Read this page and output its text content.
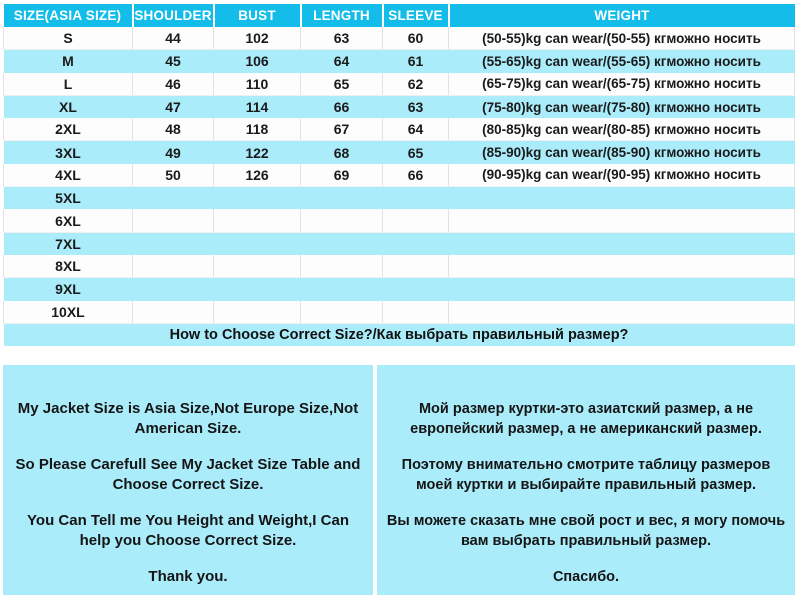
SIZE(ASIA SIZE)	SHOULDER	BUST	LENGTH	SLEEVE	WEIGHT
S	44	102	63	60	(50-55)kg can wear/(50-55) кгможно носить
M	45	106	64	61	(55-65)kg can wear/(55-65) кгможно носить
L	46	110	65	62	(65-75)kg can wear/(65-75) кгможно носить
XL	47	114	66	63	(75-80)kg can wear/(75-80) кгможно носить
2XL	48	118	67	64	(80-85)kg can wear/(80-85) кгможно носить
3XL	49	122	68	65	(85-90)kg can wear/(85-90) кгможно носить
4XL	50	126	69	66	(90-95)kg can wear/(90-95) кгможно носить
5XL					
6XL					
7XL					
8XL					
9XL					
10XL					
How to Choose Correct Size?/Как выбрать правильный размер?					

My Jacket Size is Asia Size,Not Europe Size,Not American Size.

So Please Carefull See My Jacket Size Table and Choose Correct Size.

You Can Tell me You Height and Weight,I Can help you Choose Correct Size.

Thank you.

Мой размер куртки-это азиатский размер, а не европейский размер, а не американский размер.

Поэтому внимательно смотрите таблицу размеров моей куртки и выбирайте правильный размер.

Вы можете сказать мне свой рост и вес, я могу помочь вам выбрать правильный размер.

Спасибо.
